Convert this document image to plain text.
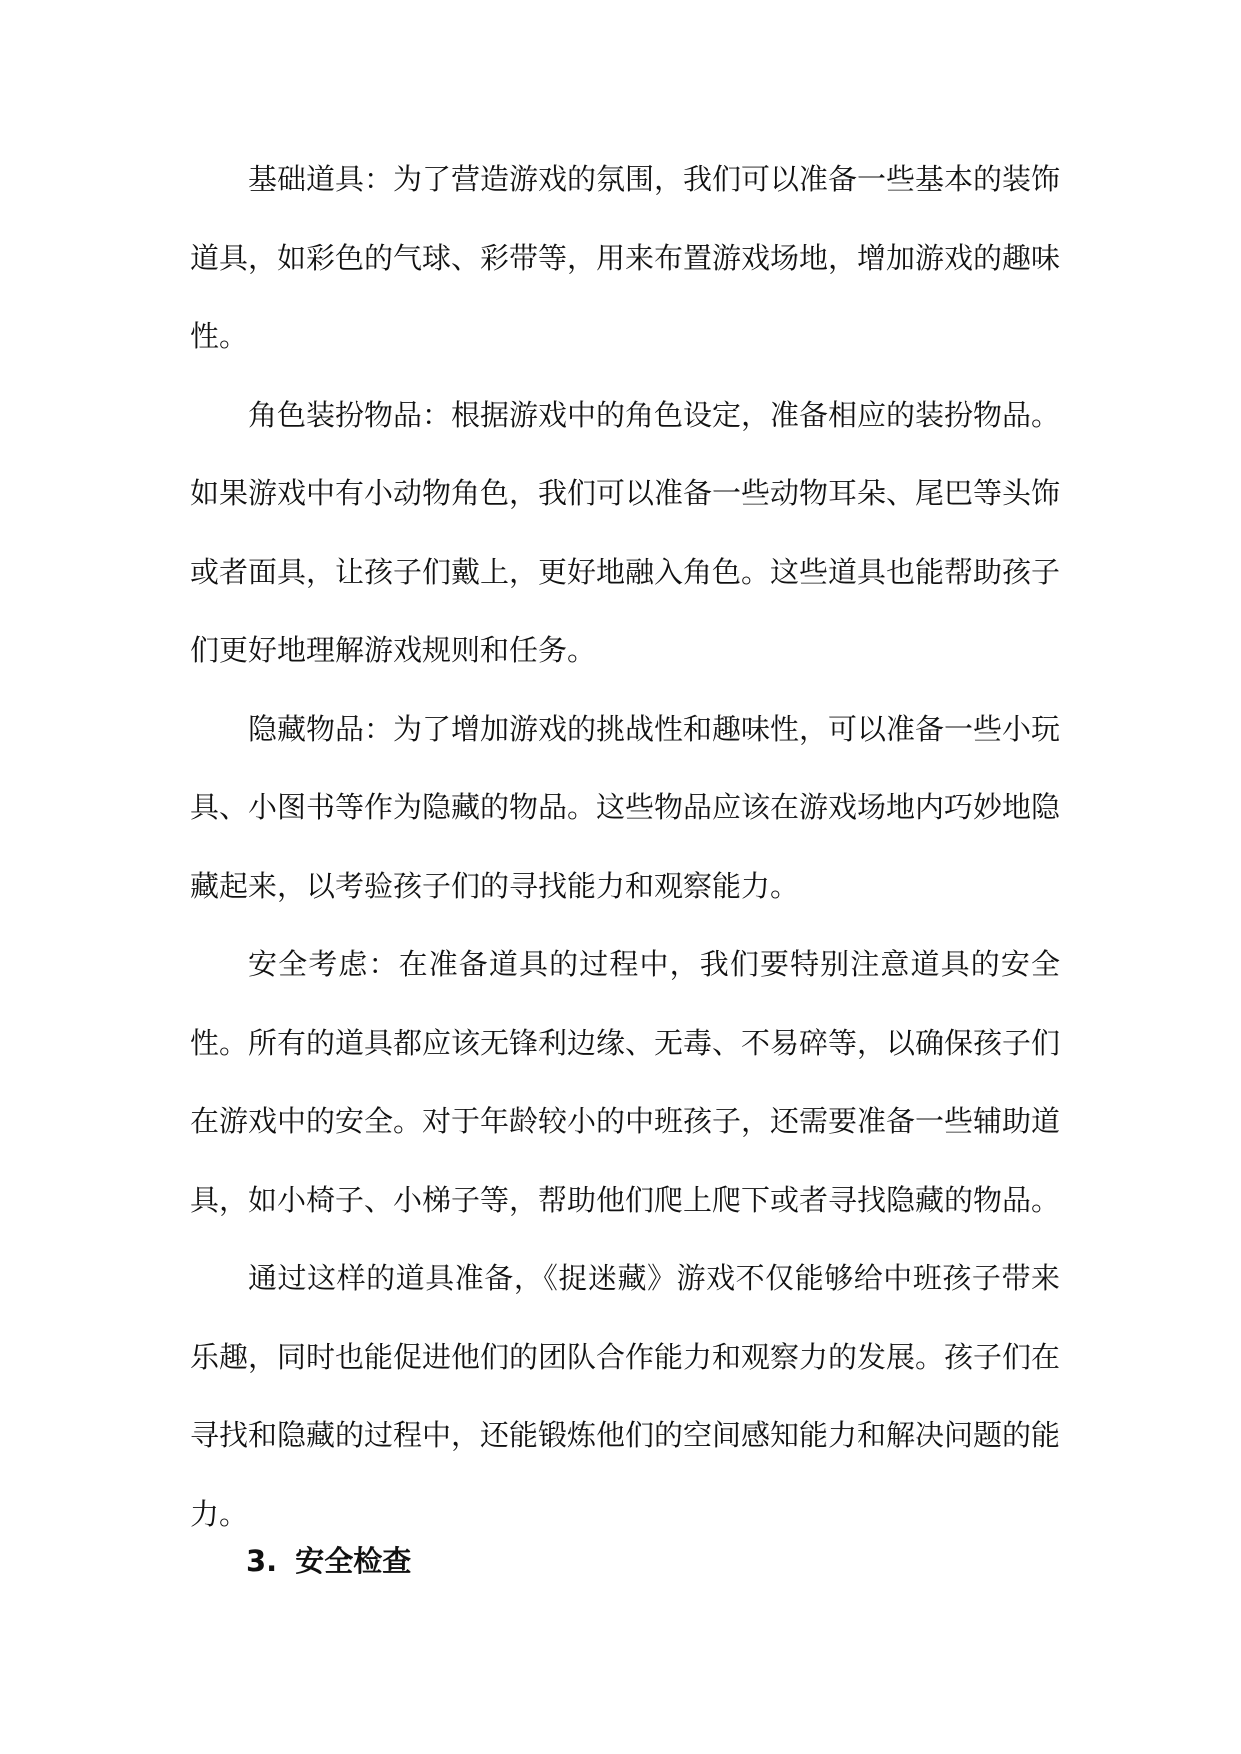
基础道具：为了营造游戏的氛围，我们可以准备一些基本的装饰道具，如彩色的气球、彩带等，用来布置游戏场地，增加游戏的趣味性。

角色装扮物品：根据游戏中的角色设定，准备相应的装扮物品。如果游戏中有小动物角色，我们可以准备一些动物耳朵、尾巴等头饰或者面具，让孩子们戴上，更好地融入角色。这些道具也能帮助孩子们更好地理解游戏规则和任务。

隐藏物品：为了增加游戏的挑战性和趣味性，可以准备一些小玩具、小图书等作为隐藏的物品。这些物品应该在游戏场地内巧妙地隐藏起来，以考验孩子们的寻找能力和观察能力。

安全考虑：在准备道具的过程中，我们要特别注意道具的安全性。所有的道具都应该无锋利边缘、无毒、不易碎等，以确保孩子们在游戏中的安全。对于年龄较小的中班孩子，还需要准备一些辅助道具，如小椅子、小梯子等，帮助他们爬上爬下或者寻找隐藏的物品。

通过这样的道具准备，《捉迷藏》游戏不仅能够给中班孩子带来乐趣，同时也能促进他们的团队合作能力和观察力的发展。孩子们在寻找和隐藏的过程中，还能锻炼他们的空间感知能力和解决问题的能力。

3. 安全检查
